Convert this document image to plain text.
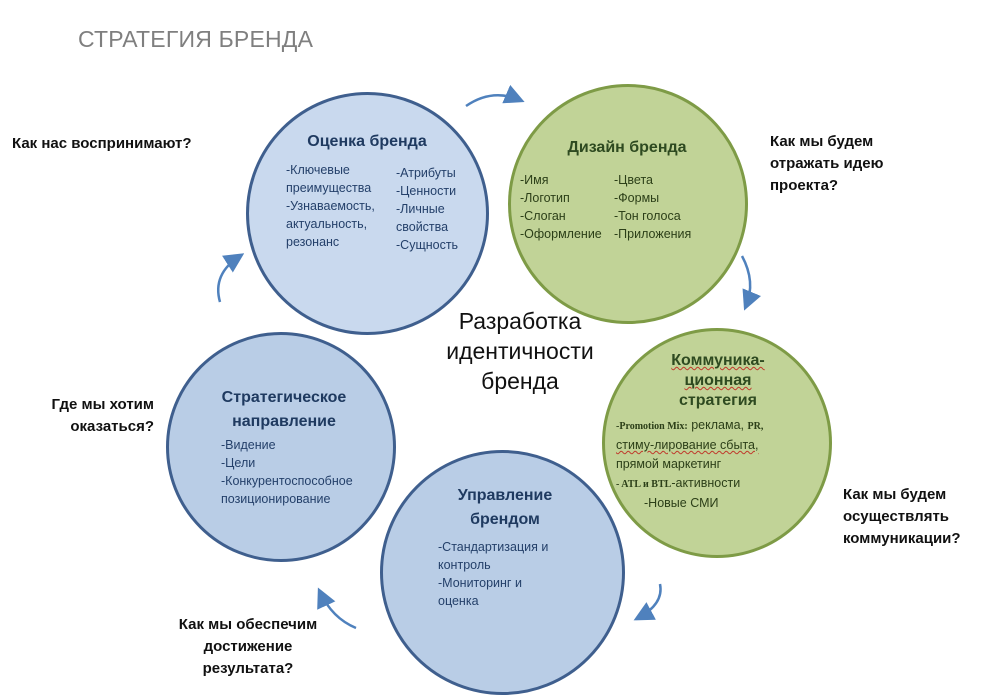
СТРАТЕГИЯ БРЕНДА
Оценка бренда
-Ключевые
преимущества
-Узнаваемость,
актуальность,
резонанс
-Атрибуты
-Ценности
-Личные
свойства
-Сущность
Дизайн бренда
-Имя
-Логотип
-Слоган
-Оформление
-Цвета
-Формы
-Тон голоса
-Приложения
Коммуника-
ционная
стратегия
-Promotion Mix: реклама, PR,
стиму-лирование сбыта,
прямой маркетинг
- ATL и BTL-активности
-Новые СМИ
Управление
брендом
-Стандартизация и
контроль
-Мониторинг и
оценка
Стратегическое
направление
-Видение
-Цели
-Конкурентоспособное
позиционирование
Разработка
идентичности
бренда
Как нас воспринимают?	Как мы будем
отражать идею
проекта?
Как мы будем
осуществлять
коммуникации?
Как мы обеспечим
достижение
результата?
Где мы хотим
оказаться?
